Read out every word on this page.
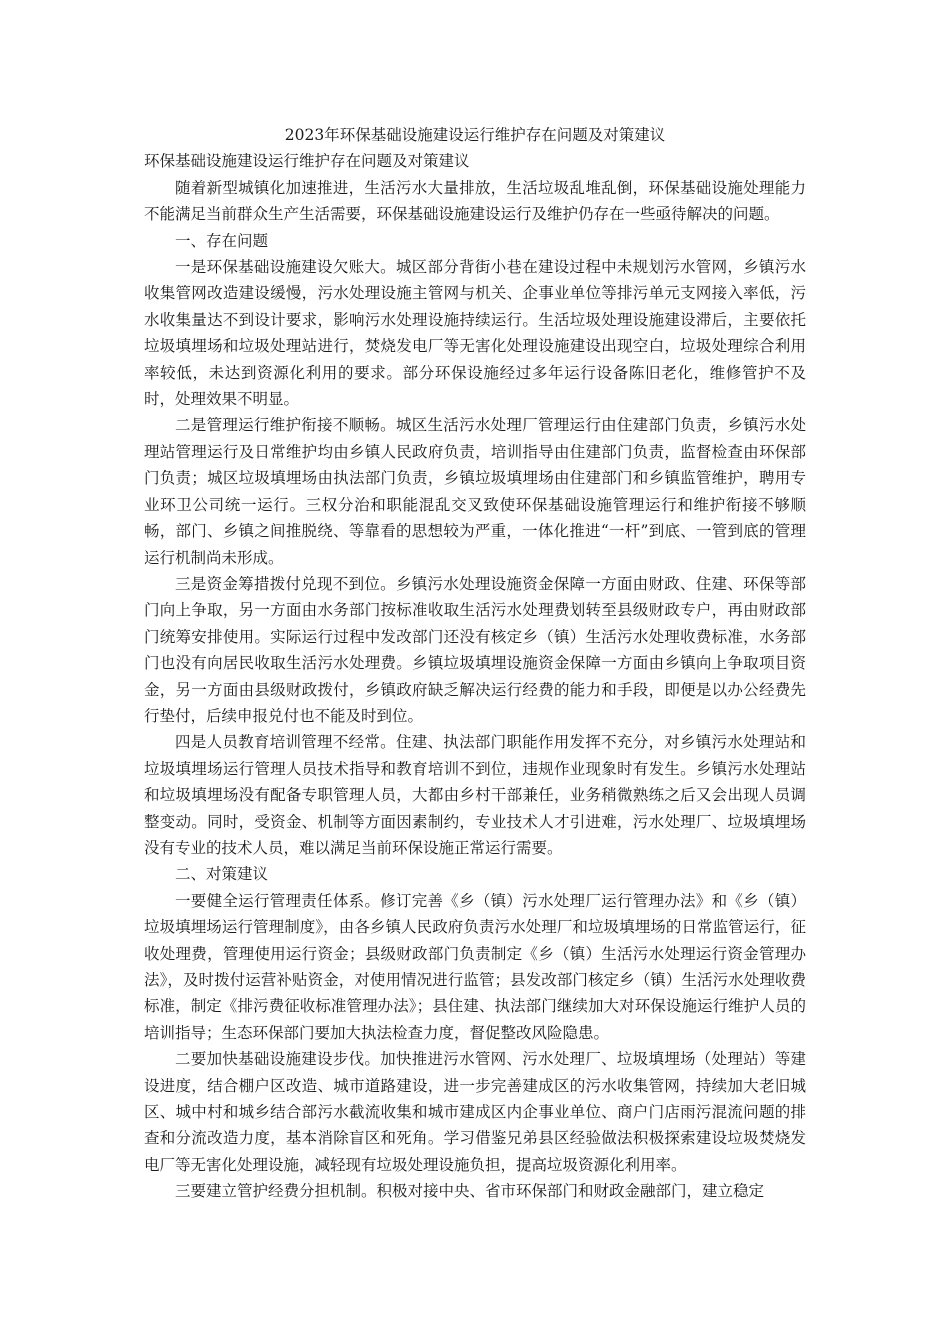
2023年环保基础设施建设运行维护存在问题及对策建议
环保基础设施建设运行维护存在问题及对策建议

随着新型城镇化加速推进，生活污水大量排放，生活垃圾乱堆乱倒，环保基础设施处理能力不能满足当前群众生产生活需要，环保基础设施建设运行及维护仍存在一些亟待解决的问题。

一、存在问题

一是环保基础设施建设欠账大。城区部分背街小巷在建设过程中未规划污水管网，乡镇污水收集管网改造建设缓慢，污水处理设施主管网与机关、企事业单位等排污单元支网接入率低，污水收集量达不到设计要求，影响污水处理设施持续运行。生活垃圾处理设施建设滞后，主要依托垃圾填埋场和垃圾处理站进行，焚烧发电厂等无害化处理设施建设出现空白，垃圾处理综合利用率较低，未达到资源化利用的要求。部分环保设施经过多年运行设备陈旧老化，维修管护不及时，处理效果不明显。

二是管理运行维护衔接不顺畅。城区生活污水处理厂管理运行由住建部门负责，乡镇污水处理站管理运行及日常维护均由乡镇人民政府负责，培训指导由住建部门负责，监督检查由环保部门负责；城区垃圾填埋场由执法部门负责，乡镇垃圾填埋场由住建部门和乡镇监管维护，聘用专业环卫公司统一运行。三权分治和职能混乱交叉致使环保基础设施管理运行和维护衔接不够顺畅，部门、乡镇之间推脱绕、等靠看的思想较为严重，一体化推进“一杆”到底、一管到底的管理运行机制尚未形成。

三是资金筹措拨付兑现不到位。乡镇污水处理设施资金保障一方面由财政、住建、环保等部门向上争取，另一方面由水务部门按标准收取生活污水处理费划转至县级财政专户，再由财政部门统筹安排使用。实际运行过程中发改部门还没有核定乡（镇）生活污水处理收费标准，水务部门也没有向居民收取生活污水处理费。乡镇垃圾填埋设施资金保障一方面由乡镇向上争取项目资金，另一方面由县级财政拨付，乡镇政府缺乏解决运行经费的能力和手段，即便是以办公经费先行垫付，后续申报兑付也不能及时到位。

四是人员教育培训管理不经常。住建、执法部门职能作用发挥不充分，对乡镇污水处理站和垃圾填埋场运行管理人员技术指导和教育培训不到位，违规作业现象时有发生。乡镇污水处理站和垃圾填埋场没有配备专职管理人员，大都由乡村干部兼任，业务稍微熟练之后又会出现人员调整变动。同时，受资金、机制等方面因素制约，专业技术人才引进难，污水处理厂、垃圾填埋场没有专业的技术人员，难以满足当前环保设施正常运行需要。

二、对策建议

一要健全运行管理责任体系。修订完善《乡（镇）污水处理厂运行管理办法》和《乡（镇）垃圾填埋场运行管理制度》，由各乡镇人民政府负责污水处理厂和垃圾填埋场的日常监管运行，征收处理费，管理使用运行资金；县级财政部门负责制定《乡（镇）生活污水处理运行资金管理办法》，及时拨付运营补贴资金，对使用情况进行监管；县发改部门核定乡（镇）生活污水处理收费标准，制定《排污费征收标准管理办法》；县住建、执法部门继续加大对环保设施运行维护人员的培训指导；生态环保部门要加大执法检查力度，督促整改风险隐患。

二要加快基础设施建设步伐。加快推进污水管网、污水处理厂、垃圾填埋场（处理站）等建设进度，结合棚户区改造、城市道路建设，进一步完善建成区的污水收集管网，持续加大老旧城区、城中村和城乡结合部污水截流收集和城市建成区内企事业单位、商户门店雨污混流问题的排查和分流改造力度，基本消除盲区和死角。学习借鉴兄弟县区经验做法积极探索建设垃圾焚烧发电厂等无害化处理设施，减轻现有垃圾处理设施负担，提高垃圾资源化利用率。

三要建立管护经费分担机制。积极对接中央、省市环保部门和财政金融部门，建立稳定
